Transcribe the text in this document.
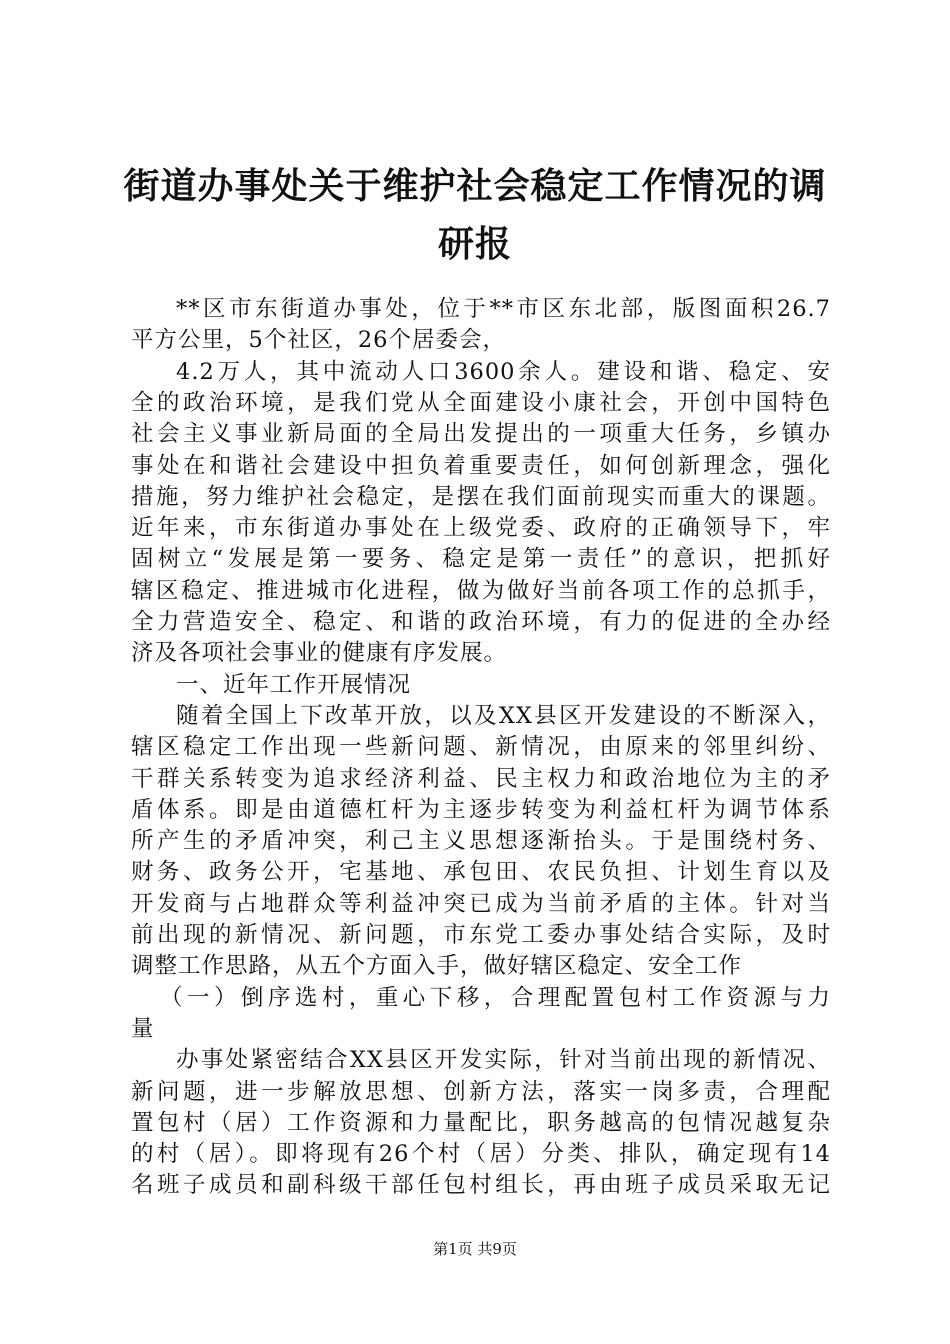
街道办事处关于维护社会稳定工作情况的调研报
**区市东街道办事处，位于**市区东北部，版图面积26.7
平方公里，5个社区，26个居委会，
4.2万人，其中流动人口3600余人。建设和谐、稳定、安
全的政治环境，是我们党从全面建设小康社会，开创中国特色
社会主义事业新局面的全局出发提出的一项重大任务，乡镇办
事处在和谐社会建设中担负着重要责任，如何创新理念，强化
措施，努力维护社会稳定，是摆在我们面前现实而重大的课题。
近年来，市东街道办事处在上级党委、政府的正确领导下，牢
固树立“发展是第一要务、稳定是第一责任”的意识，把抓好
辖区稳定、推进城市化进程，做为做好当前各项工作的总抓手，
全力营造安全、稳定、和谐的政治环境，有力的促进的全办经
济及各项社会事业的健康有序发展。
一、近年工作开展情况
随着全国上下改革开放，以及XX县区开发建设的不断深入，
辖区稳定工作出现一些新问题、新情况，由原来的邻里纠纷、
干群关系转变为追求经济利益、民主权力和政治地位为主的矛
盾体系。即是由道德杠杆为主逐步转变为利益杠杆为调节体系
所产生的矛盾冲突，利己主义思想逐渐抬头。于是围绕村务、
财务、政务公开，宅基地、承包田、农民负担、计划生育以及
开发商与占地群众等利益冲突已成为当前矛盾的主体。针对当
前出现的新情况、新问题，市东党工委办事处结合实际，及时
调整工作思路，从五个方面入手，做好辖区稳定、安全工作
（一）倒序选村，重心下移，合理配置包村工作资源与力
量
办事处紧密结合XX县区开发实际，针对当前出现的新情况、
新问题，进一步解放思想、创新方法，落实一岗多责，合理配
置包村（居）工作资源和力量配比，职务越高的包情况越复杂
的村（居）。即将现有26个村（居）分类、排队，确定现有14
第1页 共9页
名班子成员和副科级干部任包村组长，再由班子成员采取无记
